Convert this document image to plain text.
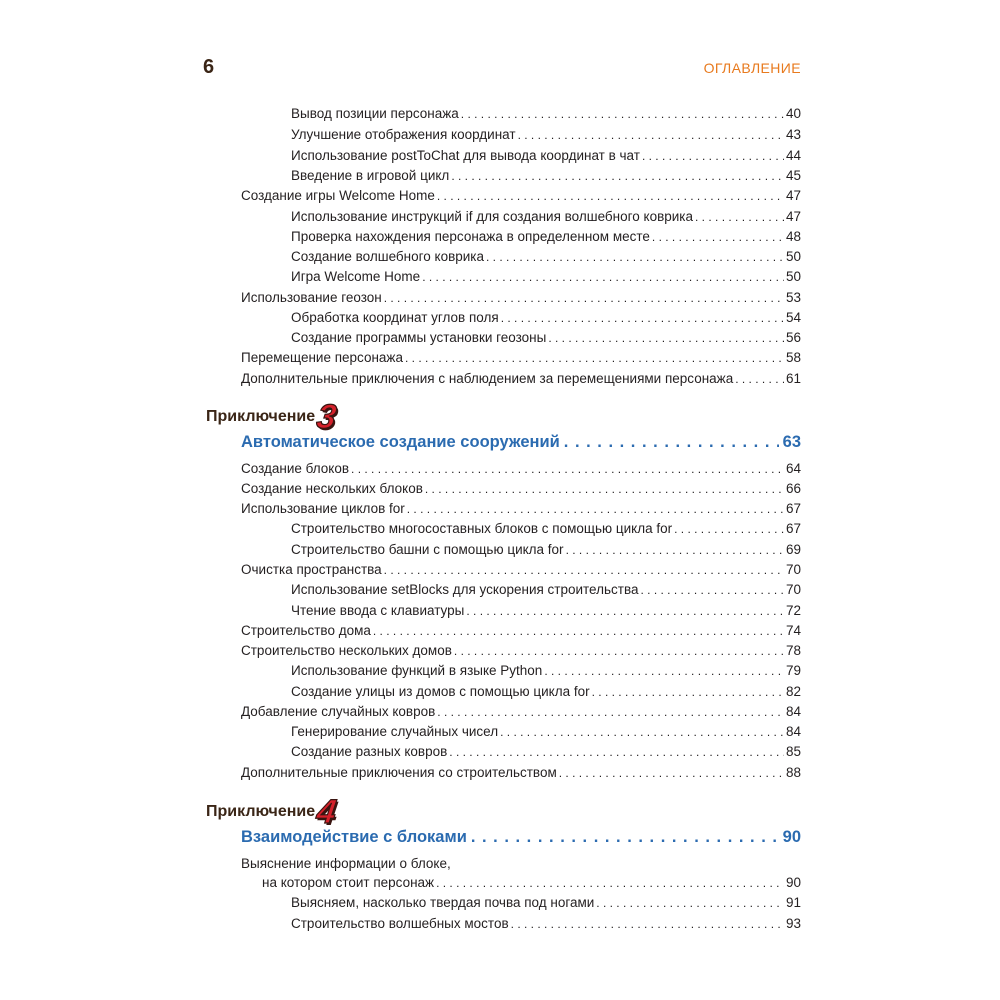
6	ОГЛАВЛЕНИЕ
Вывод позиции персонажа . . .	40
Улучшение отображения координат . . .	43
Использование postToChat для вывода координат в чат . . .	44
Введение в игровой цикл . . .	45
Создание игры Welcome Home . . .	47
Использование инструкций if для создания волшебного коврика . . .	47
Проверка нахождения персонажа в определенном месте . . .	48
Создание волшебного коврика . . .	50
Игра Welcome Home . . .	50
Использование геозон . . .	53
Обработка координат углов поля . . .	54
Создание программы установки геозоны . . .	56
Перемещение персонажа . . .	58
Дополнительные приключения с наблюдением за перемещениями персонажа . . .	61
Приключение 3
Автоматическое создание сооружений . . .	63
Создание блоков . . .	64
Создание нескольких блоков . . .	66
Использование циклов for . . .	67
Строительство многосоставных блоков с помощью цикла for . . .	67
Строительство башни с помощью цикла for . . .	69
Очистка пространства . . .	70
Использование setBlocks для ускорения строительства . . .	70
Чтение ввода с клавиатуры . . .	72
Строительство дома . . .	74
Строительство нескольких домов . . .	78
Использование функций в языке Python . . .	79
Создание улицы из домов с помощью цикла for . . .	82
Добавление случайных ковров . . .	84
Генерирование случайных чисел . . .	84
Создание разных ковров . . .	85
Дополнительные приключения со строительством . . .	88
Приключение 4
Взаимодействие с блоками . . .	90
Выяснение информации о блоке,
на котором стоит персонаж . . .	90
Выясняем, насколько твердая почва под ногами . . .	91
Строительство волшебных мостов . . .	93
